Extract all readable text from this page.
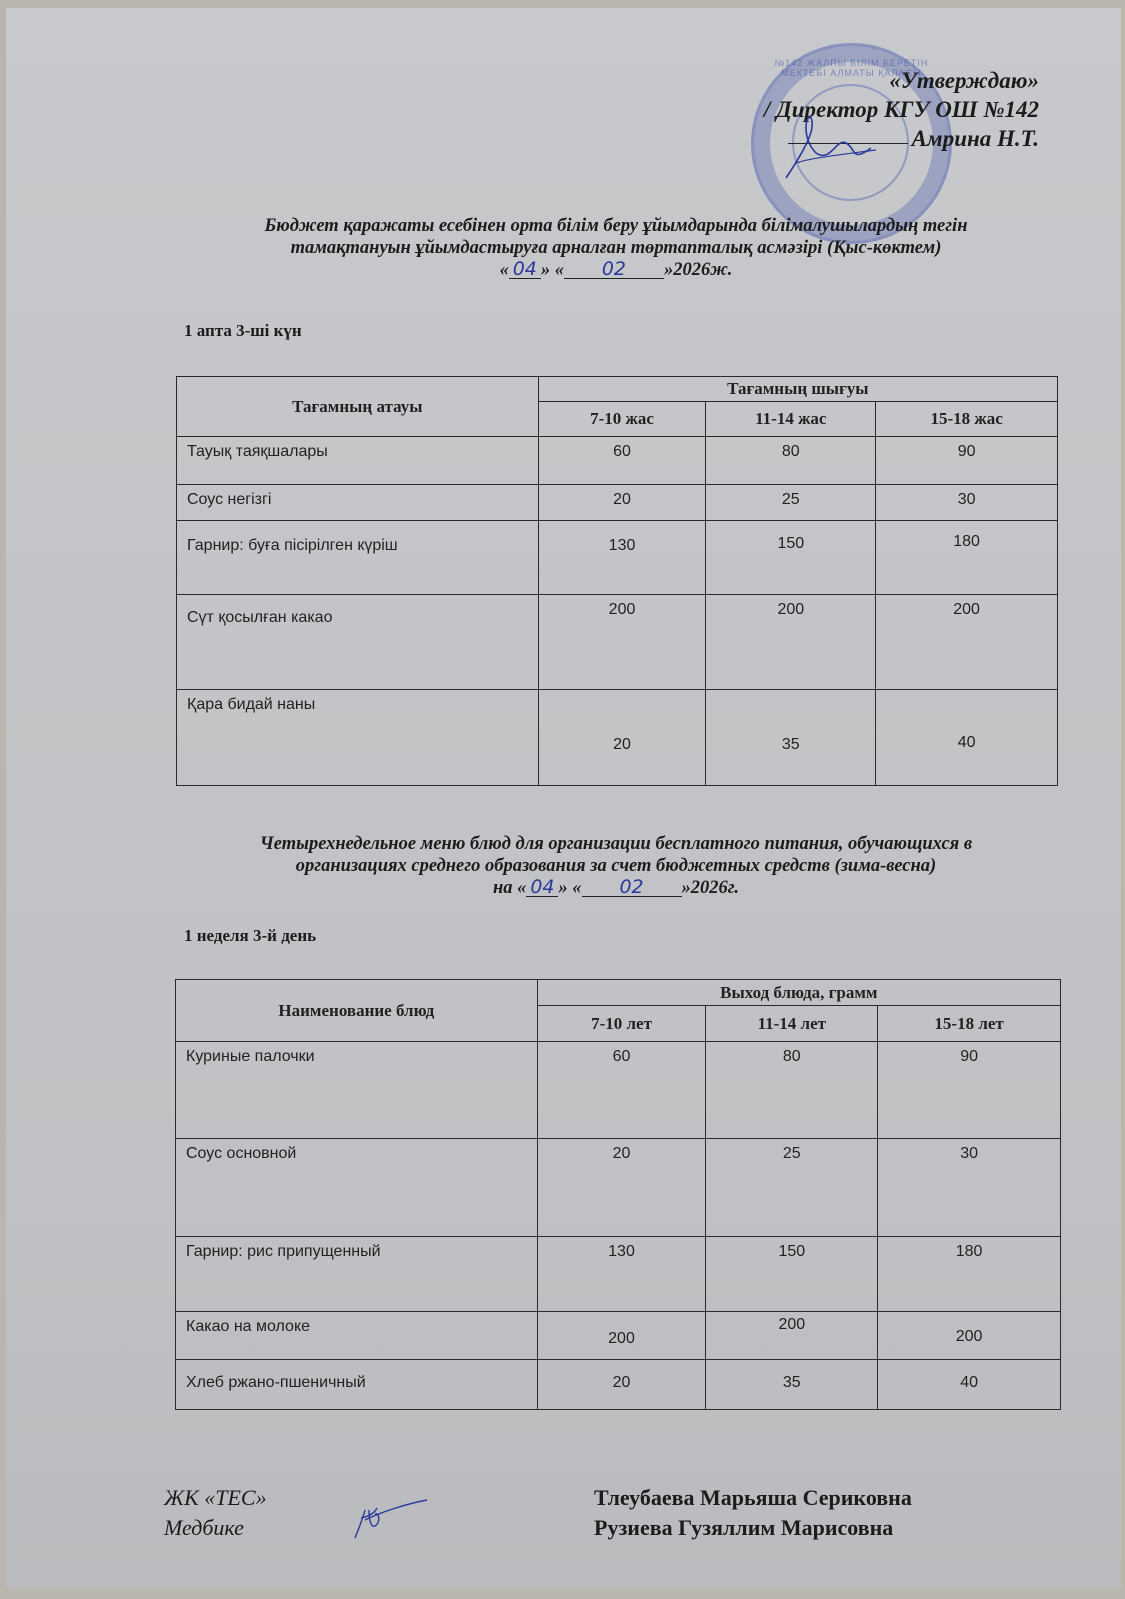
№142 ЖАЛПЫ БІЛІМ БЕРЕТІН МЕКТЕБІ АЛМАТЫ ҚАЛАСЫ
«Утверждаю»
/ Директор КГУ ОШ №142
Амрина Н.Т.
Бюджет қаражаты есебінен орта білім беру ұйымдарында білімалушылардың тегін
тамақтануын ұйымдастыруға арналған төртапталық асмәзірі (Қыс-көктем)
« 04 » « 02 »2026ж.
1 апта 3-ші күн
Тағамның атауы	Тағамның шығуы		
	7-10 жас	11-14 жас	15-18 жас
Тауық таяқшалары	60	80	90
Соус негізгі	20	25	30
Гарнир: буға пісірілген күріш	130	150	180
Сүт қосылған какао	200	200	200
Қара бидай наны	20	35	40
Четырехнедельное меню блюд для организации бесплатного питания, обучающихся в
организациях среднего образования за счет бюджетных средств (зима-весна)
на « 04 » « 02 »2026г.
1 неделя 3-й день
Наименование блюд	Выход блюда, грамм		
	7-10 лет	11-14 лет	15-18 лет
Куриные палочки	60	80	90
Соус основной	20	25	30
Гарнир: рис припущенный	130	150	180
Какао на молоке	200	200	200
Хлеб ржано-пшеничный	20	35	40
ЖК «ТЕС»
Медбике
Тлеубаева Марьяша Сериковна
Рузиева Гузяллим Марисовна
